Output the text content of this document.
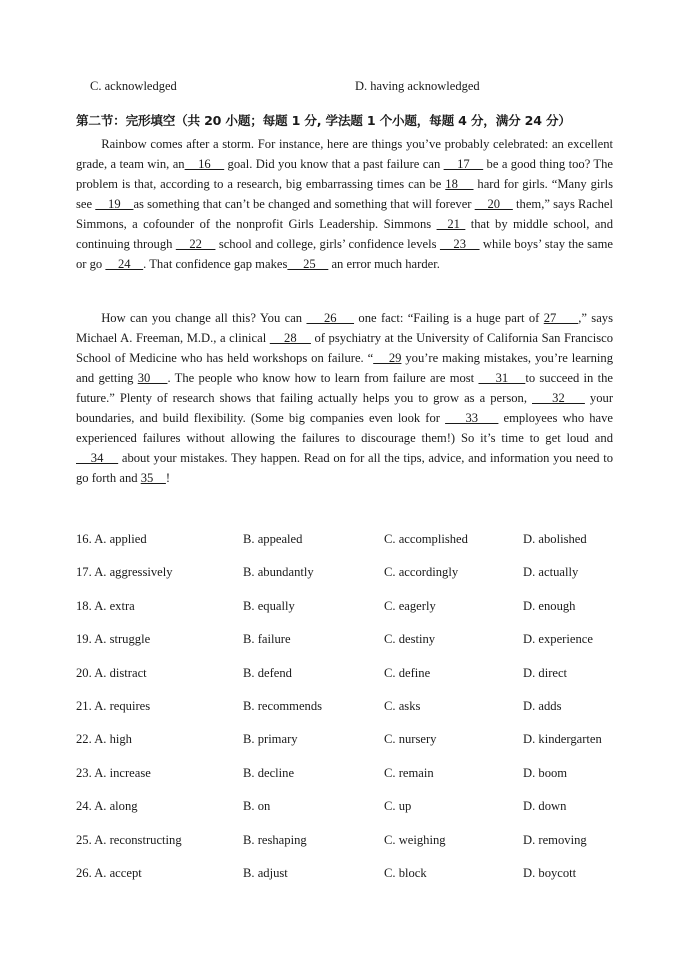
C. acknowledged	D. having acknowledged
第二节：完形填空（共 20 小题；每题 1 分, 学法题 1 个小题，每题 4 分，满分 24 分）

Rainbow comes after a storm. For instance, here are things you’ve probably celebrated: an excellent grade, a team win, an    16     goal. Did you know that a past failure can     17     be a good thing too? The problem is that, according to a research, big embarrassing times can be 18     hard for girls. “Many girls see     19    as something that can’t be changed and something that will forever     20     them,” says Rachel Simmons, a cofounder of the nonprofit Girls Leadership. Simmons   21  that by middle school, and continuing through     22     school and college, girls’ confidence levels     23     while boys’ stay the same or go     24    . That confidence gap makes     25     an error much harder.

How can you change all this? You can     26     one fact: “Failing is a huge part of 27     ,” says Michael A. Freeman, M.D., a clinical     28     of psychiatry at the University of California San Francisco School of Medicine who has held workshops on failure. “    29 you’re making mistakes, you’re learning and getting 30    . The people who know how to learn from failure are most     31    to succeed in the future.” Plenty of research shows that failing actually helps you to grow as a person,     32     your boundaries, and build flexibility. (Some big companies even look for     33     employees who have experienced failures without allowing the failures to discourage them!) So it’s time to get loud and     34     about your mistakes. They happen. Read on for all the tips, advice, and information you need to go forth and 35    !

16. A. applied	B. appealed	C. accomplished	D. abolished
17. A. aggressively	B. abundantly	C. accordingly	D. actually
18. A. extra	B. equally	C. eagerly	D. enough
19. A. struggle	B. failure	C. destiny	D. experience
20. A. distract	B. defend	C. define	D. direct
21. A. requires	B. recommends	C. asks	D. adds
22. A. high	B. primary	C. nursery	D. kindergarten
23. A. increase	B. decline	C. remain	D. boom
24. A. along	B. on	C. up	D. down
25. A. reconstructing	B. reshaping	C. weighing	D. removing
26. A. accept	B. adjust	C. block	D. boycott
